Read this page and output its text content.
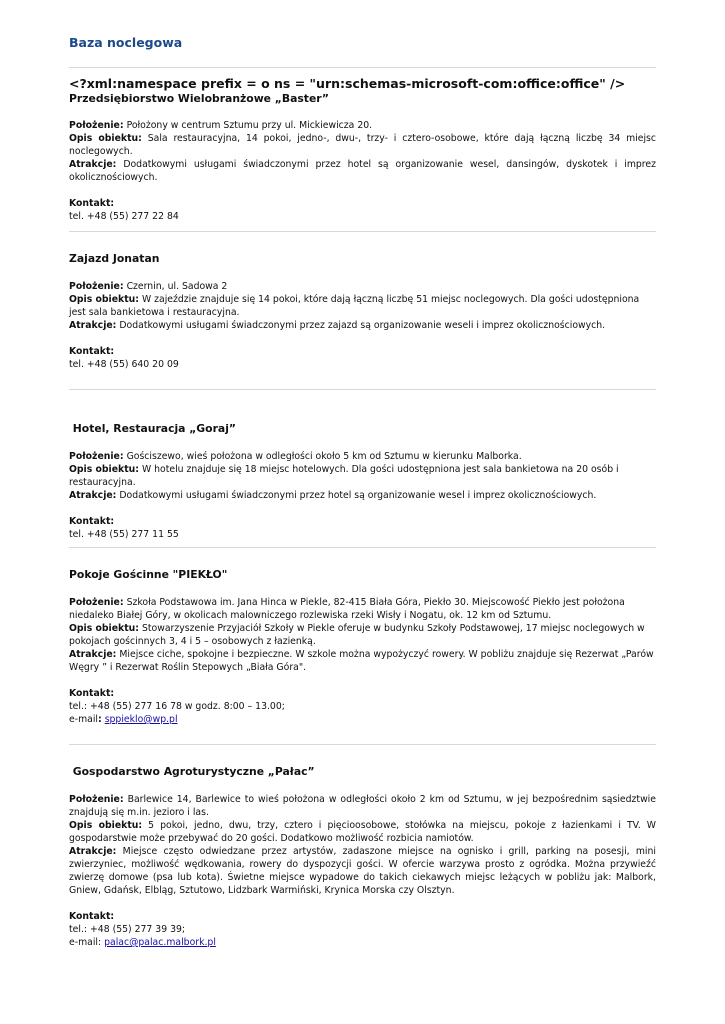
Baza noclegowa
<?xml:namespace prefix = o ns = "urn:schemas-microsoft-com:office:office" />
Przedsiębiorstwo Wielobranżowe „Baster”

Położenie: Położony w centrum Sztumu przy ul. Mickiewicza 20.

Opis obiektu: Sala restauracyjna, 14 pokoi, jedno-, dwu-, trzy- i cztero-osobowe, które dają łączną liczbę 34 miejsc noclegowych.

Atrakcje: Dodatkowymi usługami świadczonymi przez hotel są organizowanie wesel, dansingów, dyskotek i imprez okolicznościowych.

Kontakt:

tel. +48 (55) 277 22 84

Zajazd Jonatan

Położenie: Czernin, ul. Sadowa 2

Opis obiektu: W zajeździe znajduje się 14 pokoi, które dają łączną liczbę 51 miejsc noclegowych. Dla gości udostępniona jest sala bankietowa i restauracyjna.

Atrakcje: Dodatkowymi usługami świadczonymi przez zajazd są organizowanie weseli i imprez okolicznościowych.

Kontakt:

tel. +48 (55) 640 20 09

Hotel, Restauracja „Goraj”

Położenie: Gościszewo, wieś położona w odległości około 5 km od Sztumu w kierunku Malborka.

Opis obiektu: W hotelu znajduje się 18 miejsc hotelowych. Dla gości udostępniona jest sala bankietowa na 20 osób i restauracyjna.

Atrakcje: Dodatkowymi usługami świadczonymi przez hotel są organizowanie wesel i imprez okolicznościowych.

Kontakt:

tel. +48 (55) 277 11 55

Pokoje Gościnne "PIEKŁO"

Położenie: Szkoła Podstawowa im. Jana Hinca w Piekle, 82-415 Biała Góra, Piekło 30. Miejscowość Piekło jest położona niedaleko Białej Góry, w okolicach malowniczego rozlewiska rzeki Wisły i Nogatu, ok. 12 km od Sztumu.

Opis obiektu: Stowarzyszenie Przyjaciół Szkoły w Piekle oferuje w budynku Szkoły Podstawowej, 17 miejsc noclegowych w pokojach gościnnych 3, 4 i 5 – osobowych z łazienką.

Atrakcje: Miejsce ciche, spokojne i bezpieczne. W szkole można wypożyczyć rowery. W pobliżu znajduje się Rezerwat „Parów Węgry ” i Rezerwat Roślin Stepowych „Biała Góra".

Kontakt:

tel.: +48 (55) 277 16 78 w godz. 8:00 – 13.00;

e-mail: sppieklo@wp.pl

Gospodarstwo Agroturystyczne „Pałac”

Położenie: Barlewice 14, Barlewice to wieś położona w odległości około 2 km od Sztumu, w jej bezpośrednim sąsiedztwie znajdują się m.in. jezioro i las.

Opis obiektu: 5 pokoi, jedno, dwu, trzy, cztero i pięcioosobowe, stołówka na miejscu, pokoje z łazienkami i TV. W gospodarstwie może przebywać do 20 gości. Dodatkowo możliwość rozbicia namiotów.

Atrakcje: Miejsce często odwiedzane przez artystów, zadaszone miejsce na ognisko i grill, parking na posesji, mini zwierzyniec, możliwość wędkowania, rowery do dyspozycji gości. W ofercie warzywa prosto z ogródka. Można przywieźć zwierzę domowe (psa lub kota). Świetne miejsce wypadowe do takich ciekawych miejsc leżących w pobliżu jak: Malbork, Gniew, Gdańsk, Elbląg, Sztutowo, Lidzbark Warmiński, Krynica Morska czy Olsztyn.

Kontakt:

tel.: +48 (55) 277 39 39;

e-mail: palac@palac.malbork.pl
